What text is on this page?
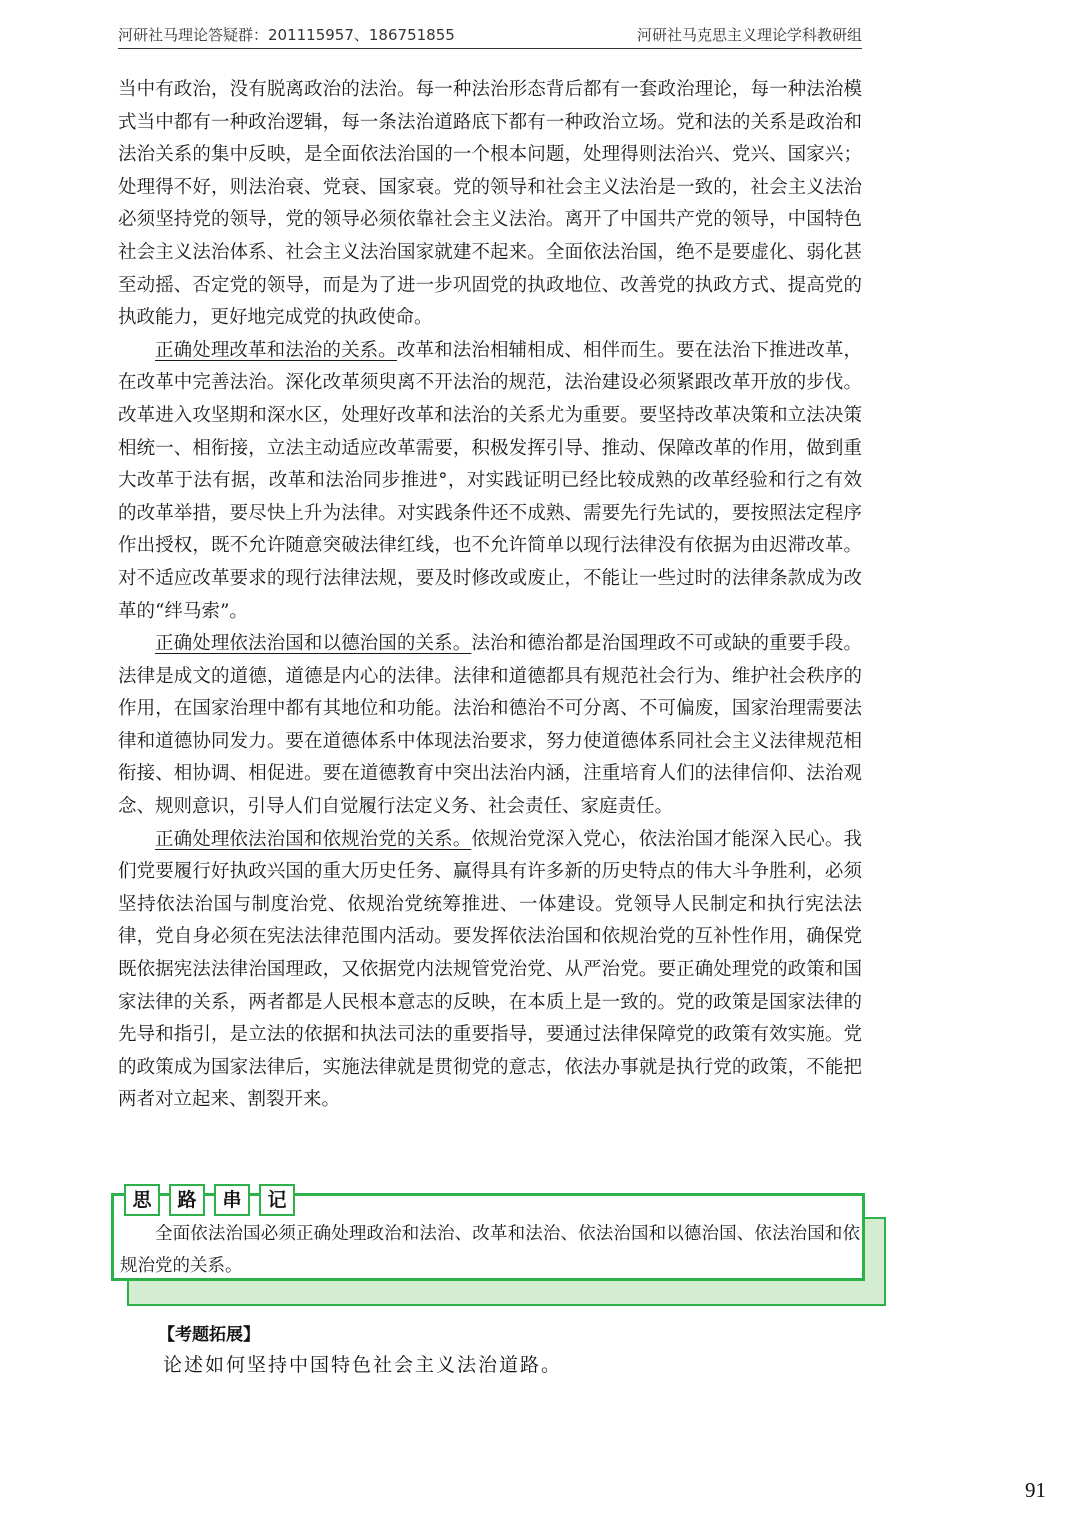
河研社马理论答疑群：201115957、186751855	河研社马克思主义理论学科教研组

当中有政治，没有脱离政治的法治。每一种法治形态背后都有一套政治理论，每一种法治模式当中都有一种政治逻辑，每一条法治道路底下都有一种政治立场。党和法的关系是政治和法治关系的集中反映，是全面依法治国的一个根本问题，处理得则法治兴、党兴、国家兴；处理得不好，则法治衰、党衰、国家衰。党的领导和社会主义法治是一致的，社会主义法治必须坚持党的领导，党的领导必须依靠社会主义法治。离开了中国共产党的领导，中国特色社会主义法治体系、社会主义法治国家就建不起来。全面依法治国，绝不是要虚化、弱化甚至动摇、否定党的领导，而是为了进一步巩固党的执政地位、改善党的执政方式、提高党的执政能力，更好地完成党的执政使命。

正确处理改革和法治的关系。改革和法治相辅相成、相伴而生。要在法治下推进改革，在改革中完善法治。深化改革须臾离不开法治的规范，法治建设必须紧跟改革开放的步伐。改革进入攻坚期和深水区，处理好改革和法治的关系尤为重要。要坚持改革决策和立法决策相统一、相衔接，立法主动适应改革需要，积极发挥引导、推动、保障改革的作用，做到重大改革于法有据，改革和法治同步推进°，对实践证明已经比较成熟的改革经验和行之有效的改革举措，要尽快上升为法律。对实践条件还不成熟、需要先行先试的，要按照法定程序作出授权，既不允许随意突破法律红线，也不允许简单以现行法律没有依据为由迟滞改革。对不适应改革要求的现行法律法规，要及时修改或废止，不能让一些过时的法律条款成为改革的“绊马索”。

正确处理依法治国和以德治国的关系。法治和德治都是治国理政不可或缺的重要手段。法律是成文的道德，道德是内心的法律。法律和道德都具有规范社会行为、维护社会秩序的作用，在国家治理中都有其地位和功能。法治和德治不可分离、不可偏废，国家治理需要法律和道德协同发力。要在道德体系中体现法治要求，努力使道德体系同社会主义法律规范相衔接、相协调、相促进。要在道德教育中突出法治内涵，注重培育人们的法律信仰、法治观念、规则意识，引导人们自觉履行法定义务、社会责任、家庭责任。

正确处理依法治国和依规治党的关系。依规治党深入党心，依法治国才能深入民心。我们党要履行好执政兴国的重大历史任务、赢得具有许多新的历史特点的伟大斗争胜利，必须坚持依法治国与制度治党、依规治党统筹推进、一体建设。党领导人民制定和执行宪法法律，党自身必须在宪法法律范围内活动。要发挥依法治国和依规治党的互补性作用，确保党既依据宪法法律治国理政，又依据党内法规管党治党、从严治党。要正确处理党的政策和国家法律的关系，两者都是人民根本意志的反映，在本质上是一致的。党的政策是国家法律的先导和指引，是立法的依据和执法司法的重要指导，要通过法律保障党的政策有效实施。党的政策成为国家法律后，实施法律就是贯彻党的意志，依法办事就是执行党的政策，不能把两者对立起来、割裂开来。

思	路	串	记

全面依法治国必须正确处理政治和法治、改革和法治、依法治国和以德治国、依法治国和依规治党的关系。

【考题拓展】
论述如何坚持中国特色社会主义法治道路。
91
